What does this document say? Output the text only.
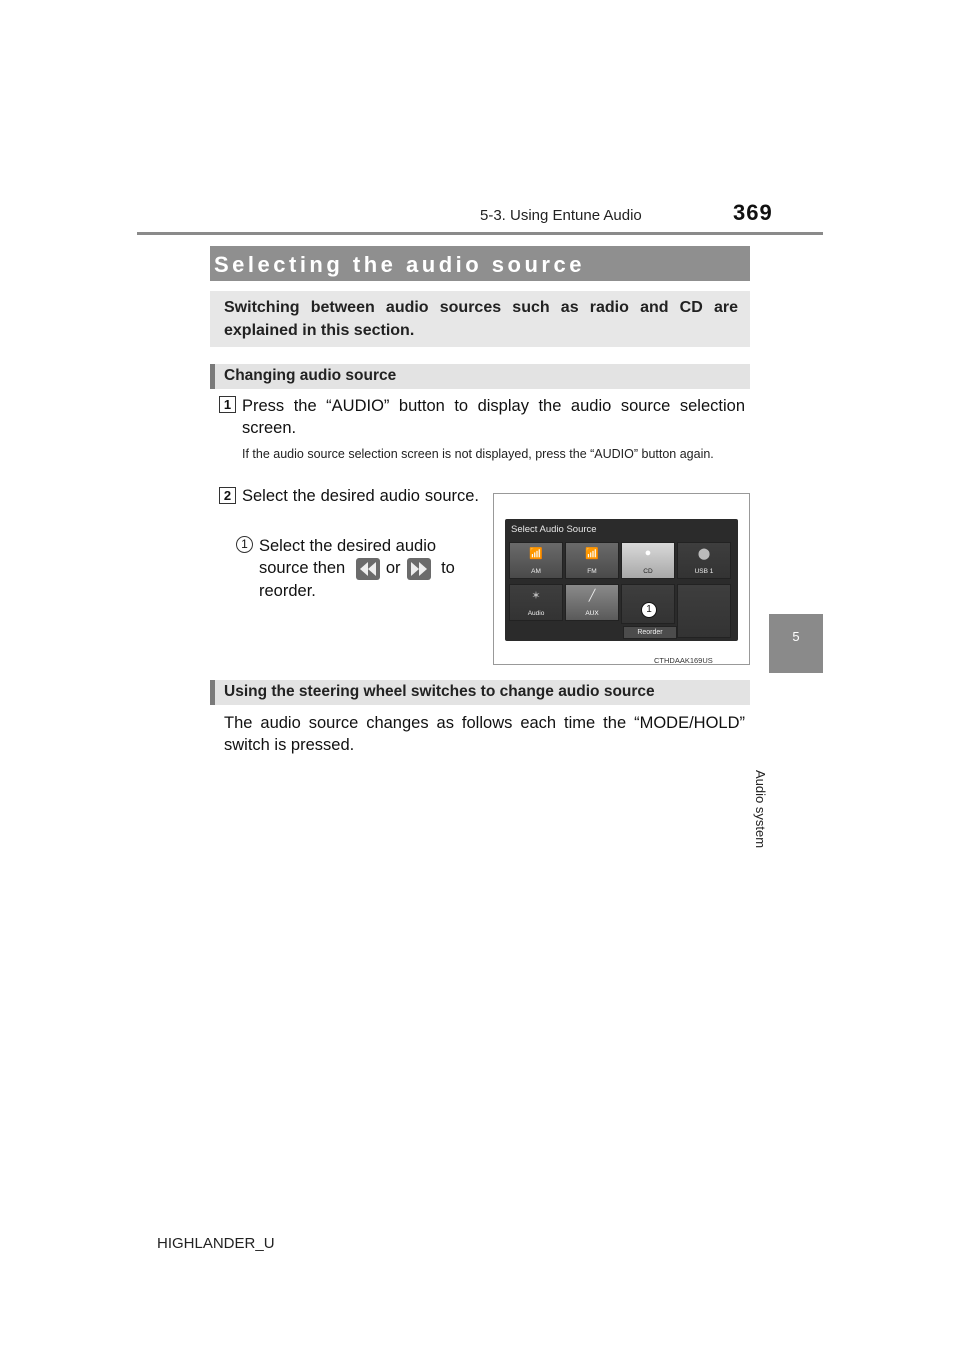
5-3. Using Entune Audio	369
5
Audio system
Selecting the audio source
Switching between audio sources such as radio and CD are explained in this section.
Changing audio source
1 Press the “AUDIO” button to display the audio source selection screen.
If the audio source selection screen is not displayed, press the “AUDIO” button again.
2 Select the desired audio source.
1 Select the desired audio source then or to reorder.
Select Audio Source
📶
AM
📶
FM
●
CD
⬤
USB 1
✶
Audio
╱
AUX
Reorder
1
CTHDAAK169US
Using the steering wheel switches to change audio source
The audio source changes as follows each time the “MODE/HOLD” switch is pressed.
HIGHLANDER_U
